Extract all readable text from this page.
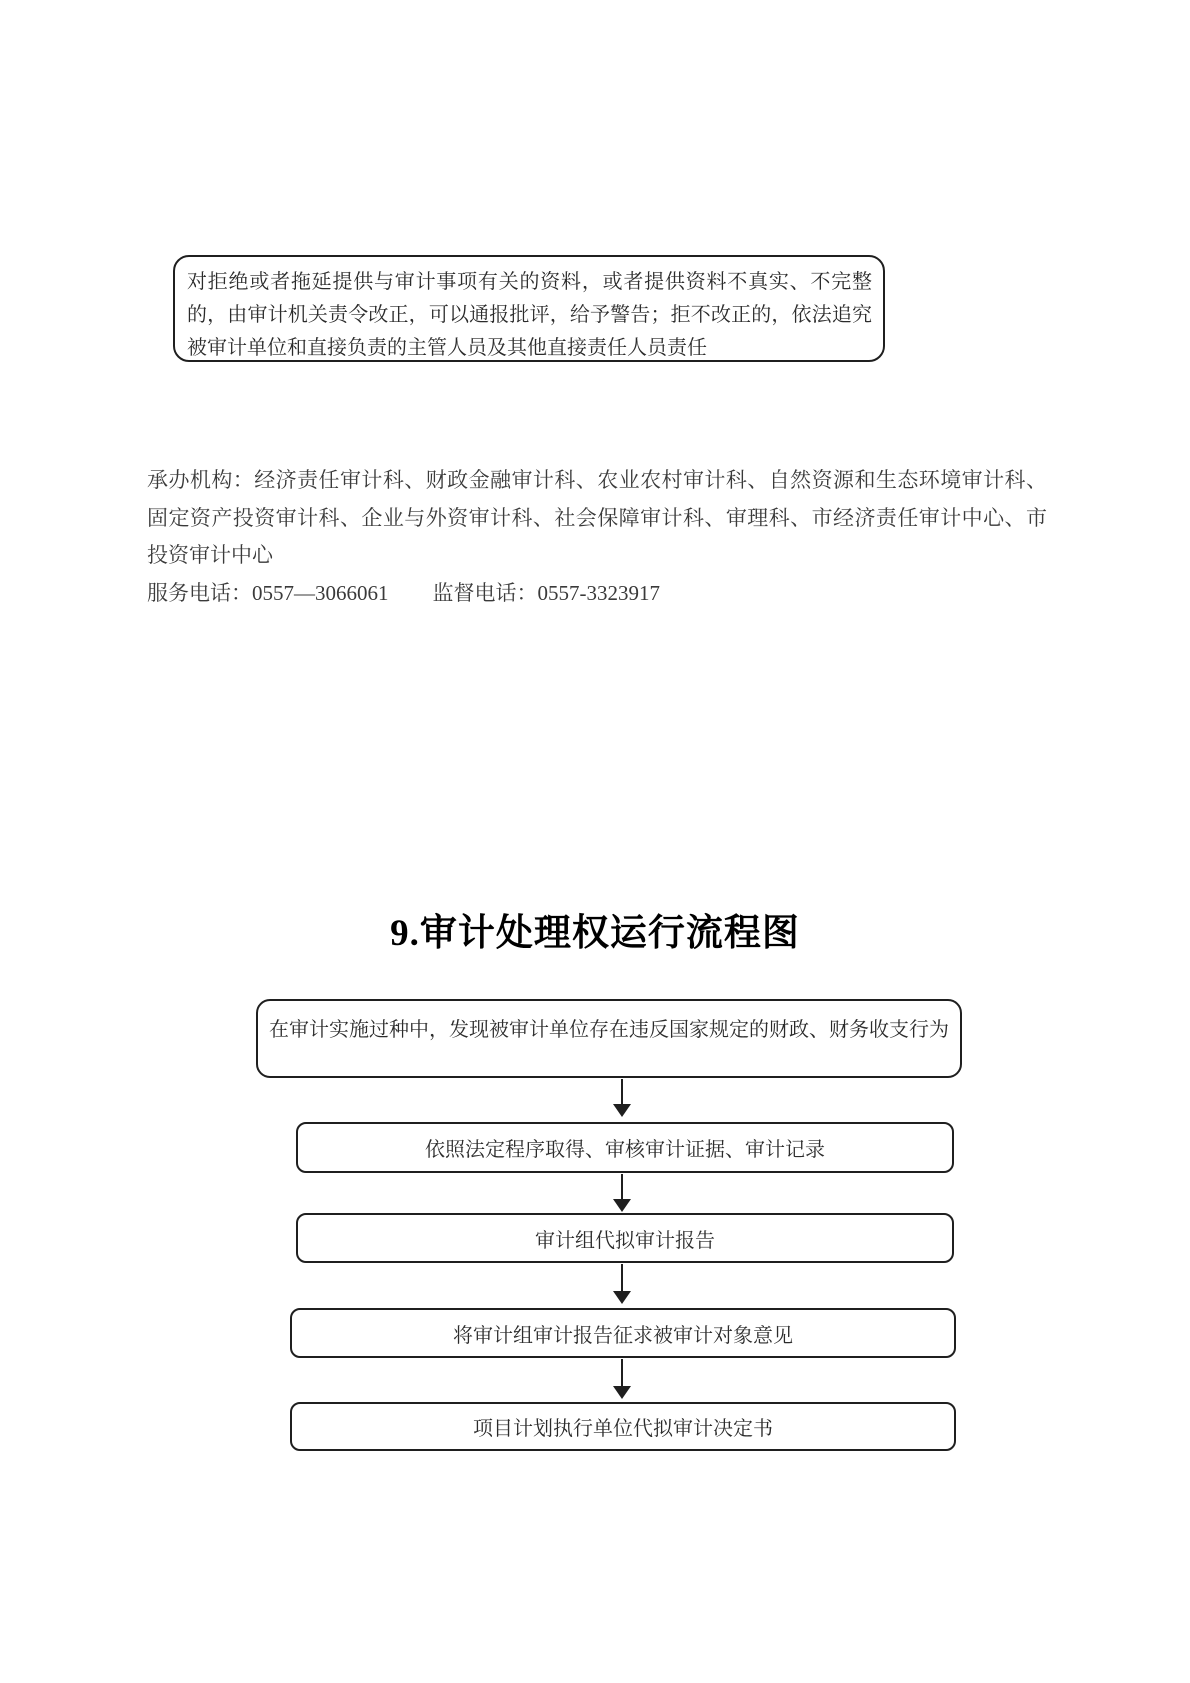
对拒绝或者拖延提供与审计事项有关的资料，或者提供资料不真实、不完整的，由审计机关责令改正，可以通报批评，给予警告；拒不改正的，依法追究被审计单位和直接负责的主管人员及其他直接责任人员责任

承办机构：经济责任审计科、财政金融审计科、农业农村审计科、自然资源和生态环境审计科、固定资产投资审计科、企业与外资审计科、社会保障审计科、审理科、市经济责任审计中心、市投资审计中心

服务电话：0557—3066061 监督电话：0557-3323917

9.审计处理权运行流程图
在审计实施过种中，发现被审计单位存在违反国家规定的财政、财务收支行为
依照法定程序取得、审核审计证据、审计记录
审计组代拟审计报告
将审计组审计报告征求被审计对象意见
项目计划执行单位代拟审计决定书
